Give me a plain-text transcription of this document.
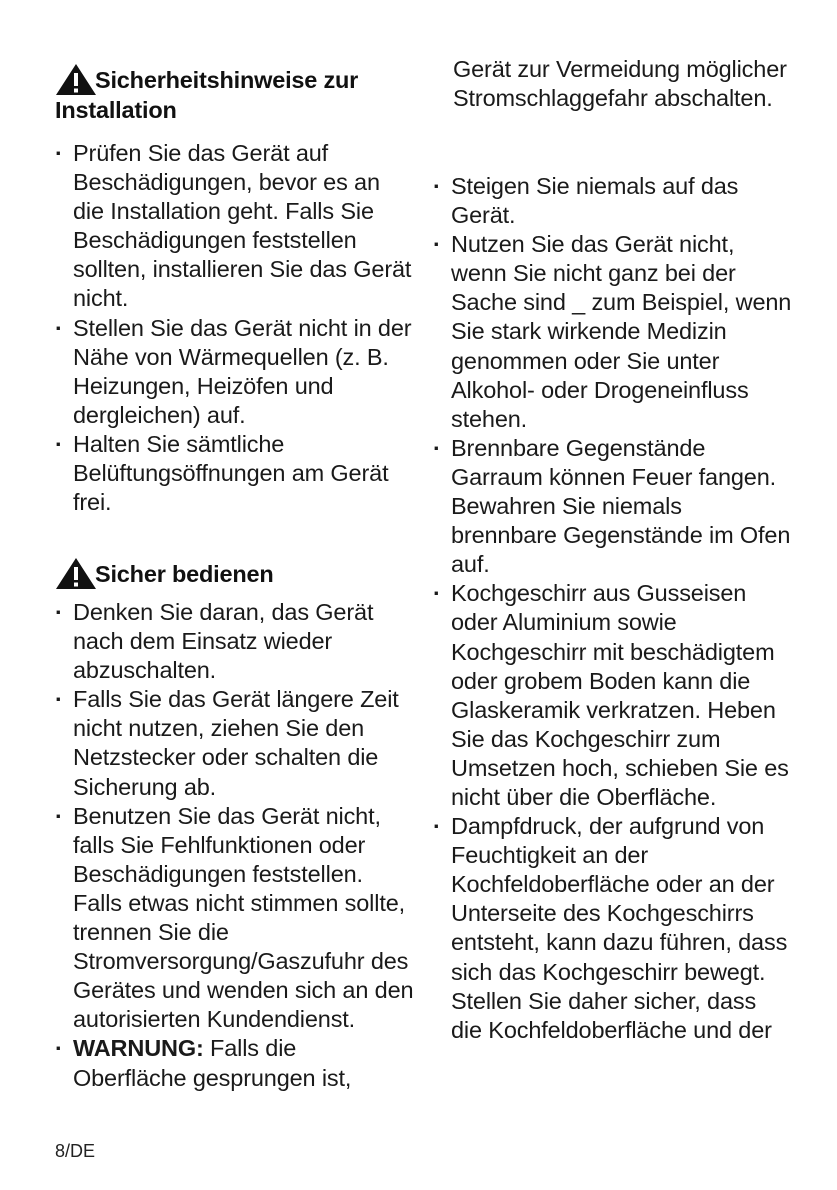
Sicherheitshinweise zur Installation
· Prüfen Sie das Gerät auf Beschädigungen, bevor es an die Installation geht. Falls Sie Beschädigungen feststellen sollten, installieren Sie das Gerät nicht.
· Stellen Sie das Gerät nicht in der Nähe von Wärmequellen (z. B. Heizungen, Heizöfen und dergleichen) auf.
· Halten Sie sämtliche Belüftungsöffnungen am Gerät frei.
Sicher bedienen
· Denken Sie daran, das Gerät nach dem Einsatz wieder abzuschalten.
· Falls Sie das Gerät längere Zeit nicht nutzen, ziehen Sie den Netzstecker oder schalten die Sicherung ab.
· Benutzen Sie das Gerät nicht, falls Sie Fehlfunktionen oder Beschädigungen feststellen. Falls etwas nicht stimmen sollte, trennen Sie die Stromversorgung/Gaszufuhr des Gerätes und wenden sich an den autorisierten Kundendienst.
· WARNUNG: Falls die Oberfläche gesprungen ist,
Gerät zur Vermeidung möglicher Stromschlaggefahr abschalten.
· Steigen Sie niemals auf das Gerät.
· Nutzen Sie das Gerät nicht, wenn Sie nicht ganz bei der Sache sind _ zum Beispiel, wenn Sie stark wirkende Medizin genommen oder Sie unter Alkohol- oder Drogeneinfluss stehen.
· Brennbare Gegenstände Garraum können Feuer fangen. Bewahren Sie niemals brennbare Gegenstände im Ofen auf.
· Kochgeschirr aus Gusseisen oder Aluminium sowie Kochgeschirr mit beschädigtem oder grobem Boden kann die Glaskeramik verkratzen. Heben Sie das Kochgeschirr zum Umsetzen hoch, schieben Sie es nicht über die Oberfläche.
· Dampfdruck, der aufgrund von Feuchtigkeit an der Kochfeldoberfläche oder an der Unterseite des Kochgeschirrs entsteht, kann dazu führen, dass sich das Kochgeschirr bewegt. Stellen Sie daher sicher, dass die Kochfeldoberfläche und der
8/DE
